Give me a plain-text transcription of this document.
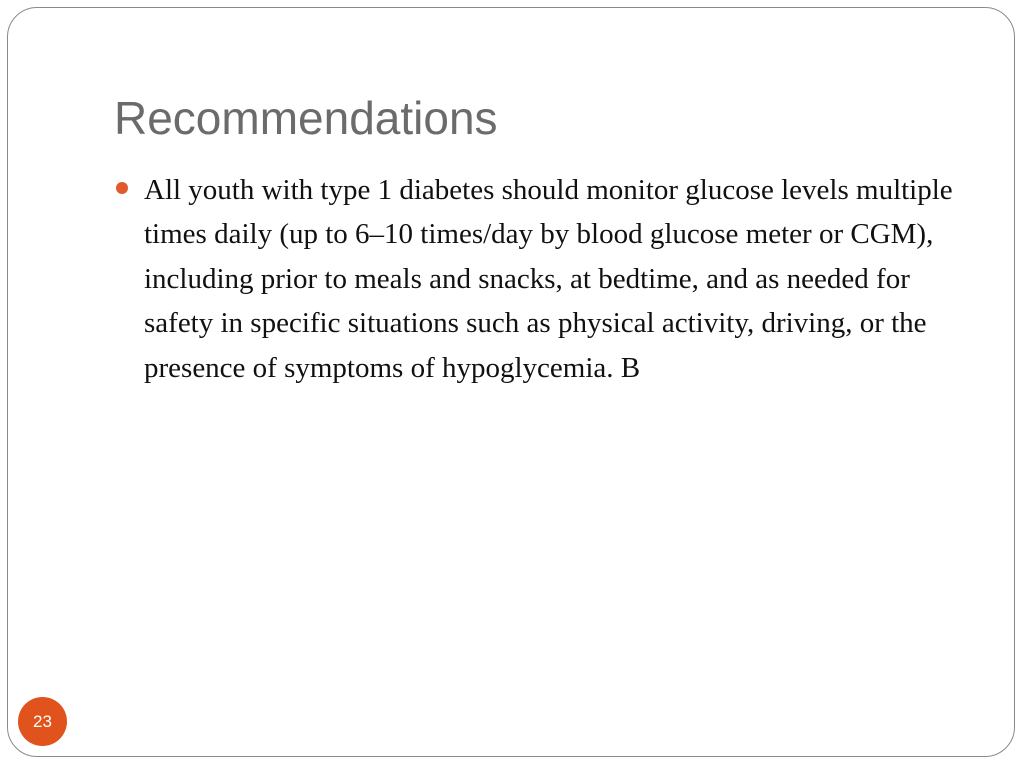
Recommendations
All youth with type 1 diabetes should monitor glucose levels multiple times daily (up to 6–10 times/day by blood glucose meter or CGM), including prior to meals and snacks, at bedtime, and as needed for safety in specific situations such as physical activity, driving, or the presence of symptoms of hypoglycemia. B
23
